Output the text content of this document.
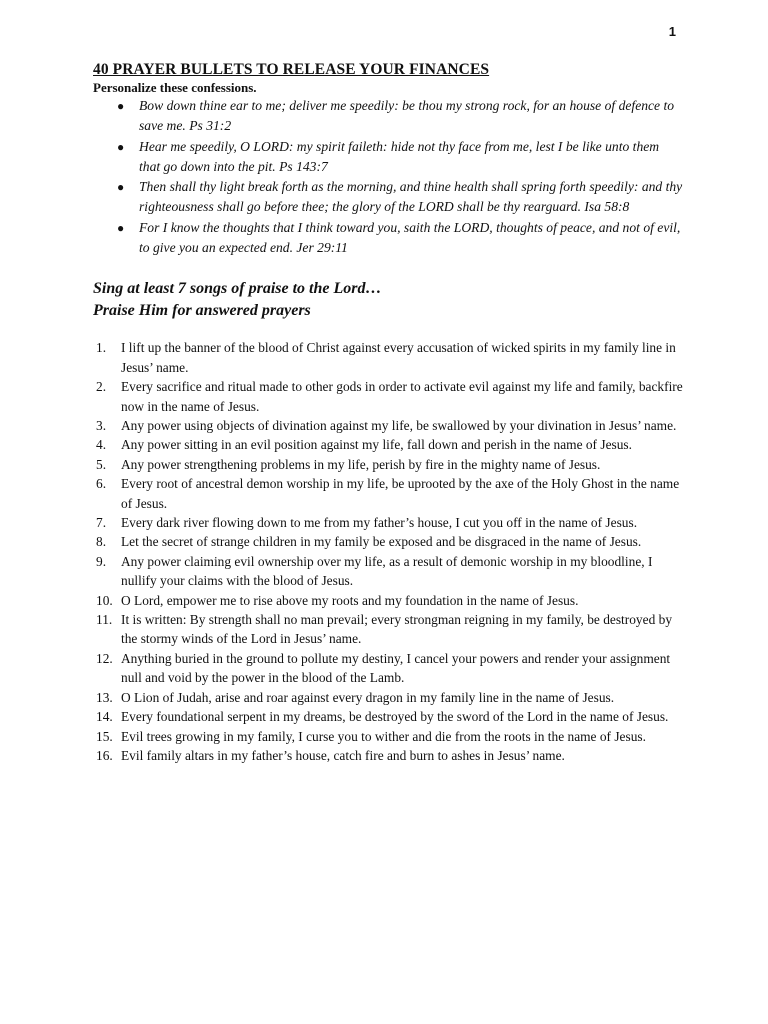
1
40 PRAYER BULLETS TO RELEASE YOUR FINANCES

Personalize these confessions.

● Bow down thine ear to me; deliver me speedily: be thou my strong rock, for an house of defence to save me. Ps 31:2
● Hear me speedily, O LORD: my spirit faileth: hide not thy face from me, lest I be like unto them that go down into the pit. Ps 143:7
● Then shall thy light break forth as the morning, and thine health shall spring forth speedily: and thy righteousness shall go before thee; the glory of the LORD shall be thy rearguard. Isa 58:8
● For I know the thoughts that I think toward you, saith the LORD, thoughts of peace, and not of evil, to give you an expected end. Jer 29:11

Sing at least 7 songs of praise to the Lord…

Praise Him for answered prayers

1. I lift up the banner of the blood of Christ against every accusation of wicked spirits in my family line in Jesus’ name.
2. Every sacrifice and ritual made to other gods in order to activate evil against my life and family, backfire now in the name of Jesus.
3. Any power using objects of divination against my life, be swallowed by your divination in Jesus’ name.
4. Any power sitting in an evil position against my life, fall down and perish in the name of Jesus.
5. Any power strengthening problems in my life, perish by fire in the mighty name of Jesus.
6. Every root of ancestral demon worship in my life, be uprooted by the axe of the Holy Ghost in the name of Jesus.
7. Every dark river flowing down to me from my father’s house, I cut you off in the name of Jesus.
8. Let the secret of strange children in my family be exposed and be disgraced in the name of Jesus.
9. Any power claiming evil ownership over my life, as a result of demonic worship in my bloodline, I nullify your claims with the blood of Jesus.
10. O Lord, empower me to rise above my roots and my foundation in the name of Jesus.
11. It is written: By strength shall no man prevail; every strongman reigning in my family, be destroyed by the stormy winds of the Lord in Jesus’ name.
12. Anything buried in the ground to pollute my destiny, I cancel your powers and render your assignment null and void by the power in the blood of the Lamb.
13. O Lion of Judah, arise and roar against every dragon in my family line in the name of Jesus.
14. Every foundational serpent in my dreams, be destroyed by the sword of the Lord in the name of Jesus.
15. Evil trees growing in my family, I curse you to wither and die from the roots in the name of Jesus.
16. Evil family altars in my father’s house, catch fire and burn to ashes in Jesus’ name.
